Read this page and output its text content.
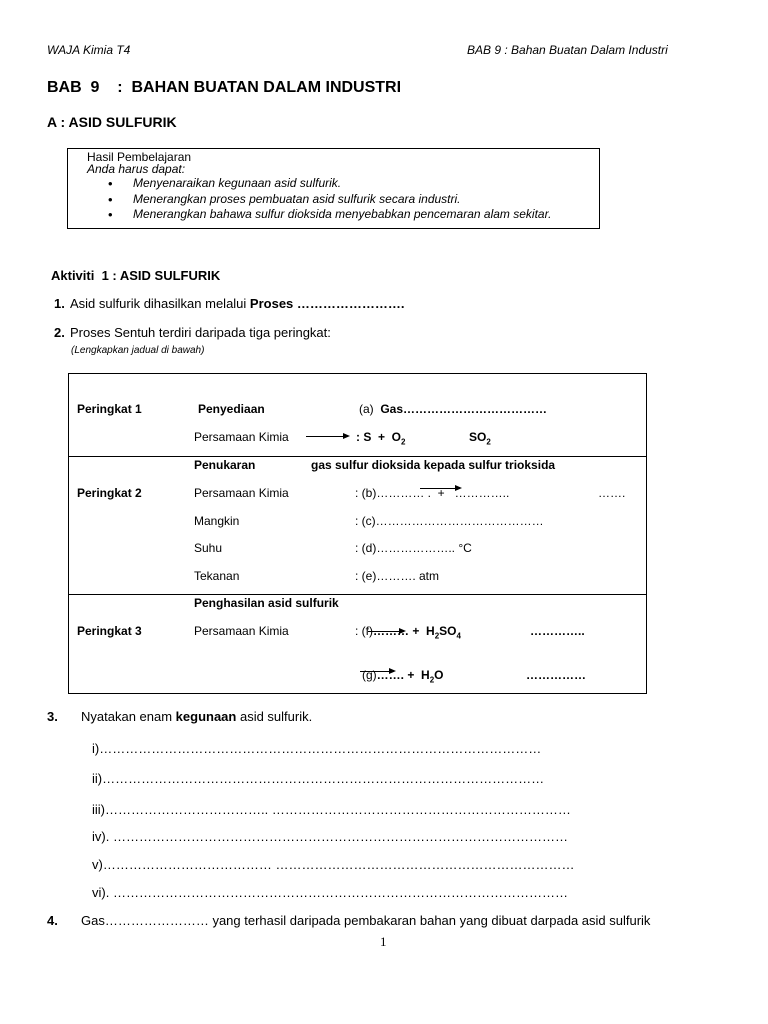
WAJA Kimia T4	BAB 9 : Bahan Buatan Dalam Industri
BAB  9    :  BAHAN BUATAN DALAM INDUSTRI
A : ASID SULFURIK
Hasil Pembelajaran
Anda harus dapat:
• Menyenaraikan kegunaan asid sulfurik.
• Menerangkan proses pembuatan asid sulfurik secara industri.
• Menerangkan bahawa sulfur dioksida menyebabkan pencemaran alam sekitar.
Aktiviti  1 : ASID SULFURIK
1. Asid sulfurik dihasilkan melalui Proses …………………….
2. Proses Sentuh terdiri daripada tiga peringkat:
(Lengkapkan jadual di bawah)
Peringkat 1	Penyediaan	(a)  Gas………………………………
Persamaan Kimia → : $S + O_2$	$SO_2$
Penukaran	gas sulfur dioksida kepada sulfur trioksida
Peringkat 2	Persamaan Kimia	: (b)………… .  +   …………..	…….
Mangkin	: (c)……………………………………
Suhu	: (d)……………….. °C
Tekanan	: (e)………. atm
Penghasilan asid sulfurik
Peringkat 3	Persamaan Kimia	: (f)……… +  $H_2SO_4$	…………..
(g)……. +  $H_2O$	……………
3. Nyatakan enam kegunaan asid sulfurik.
i)…………………………………………………………………………………………
ii)…………………………………………………………………………………………
iii)……………………………….. ……………………………………………………………
iv). ……………………………………………………………………………………………
v)………………………………… ……………………………………………………………
vi). ……………………………………………………………………………………………
4. Gas…………………… yang terhasil daripada pembakaran bahan yang dibuat darpada asid sulfurik
1
